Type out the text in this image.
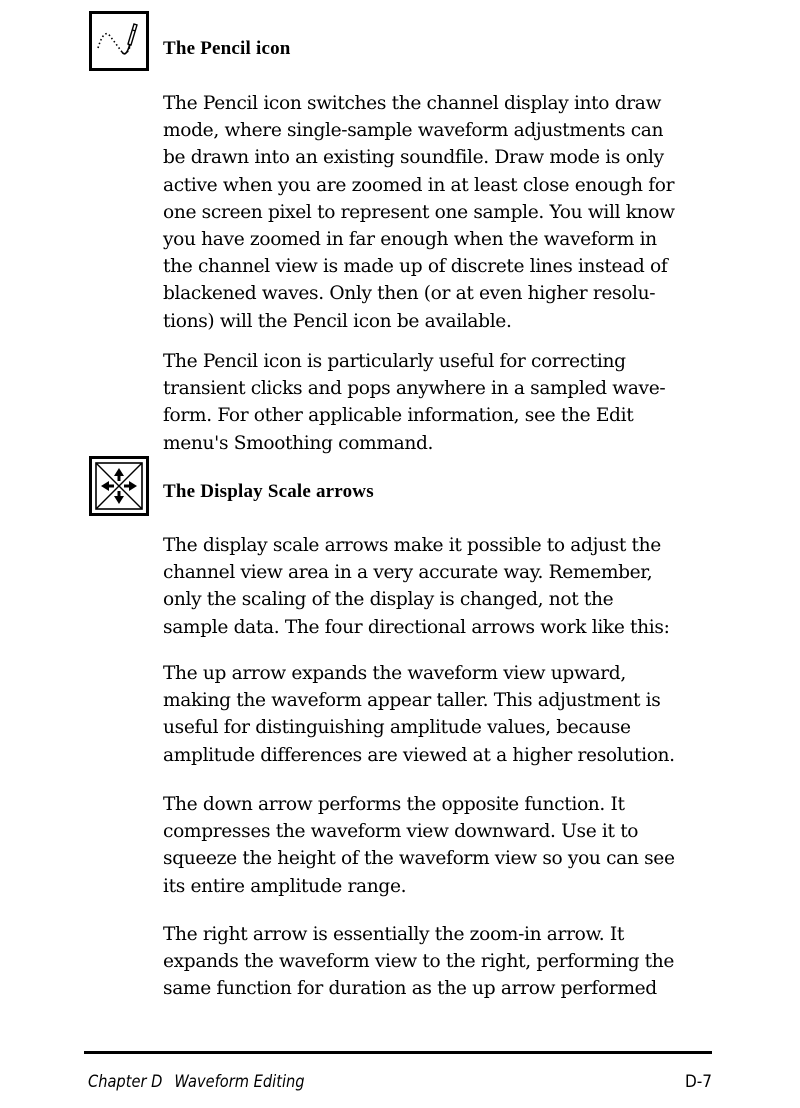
The Pencil icon

The Pencil icon switches the channel display into draw
mode, where single-sample waveform adjustments can
be drawn into an existing soundfile. Draw mode is only
active when you are zoomed in at least close enough for
one screen pixel to represent one sample. You will know
you have zoomed in far enough when the waveform in
the channel view is made up of discrete lines instead of
blackened waves. Only then (or at even higher resolu-
tions) will the Pencil icon be available.

The Pencil icon is particularly useful for correcting
transient clicks and pops anywhere in a sampled wave-
form. For other applicable information, see the Edit
menu's Smoothing command.

The Display Scale arrows

The display scale arrows make it possible to adjust the
channel view area in a very accurate way. Remember,
only the scaling of the display is changed, not the
sample data. The four directional arrows work like this:

The up arrow expands the waveform view upward,
making the waveform appear taller. This adjustment is
useful for distinguishing amplitude values, because
amplitude differences are viewed at a higher resolution.

The down arrow performs the opposite function. It
compresses the waveform view downward. Use it to
squeeze the height of the waveform view so you can see
its entire amplitude range.

The right arrow is essentially the zoom-in arrow. It
expands the waveform view to the right, performing the
same function for duration as the up arrow performed

Chapter D Waveform Editing	D-7
